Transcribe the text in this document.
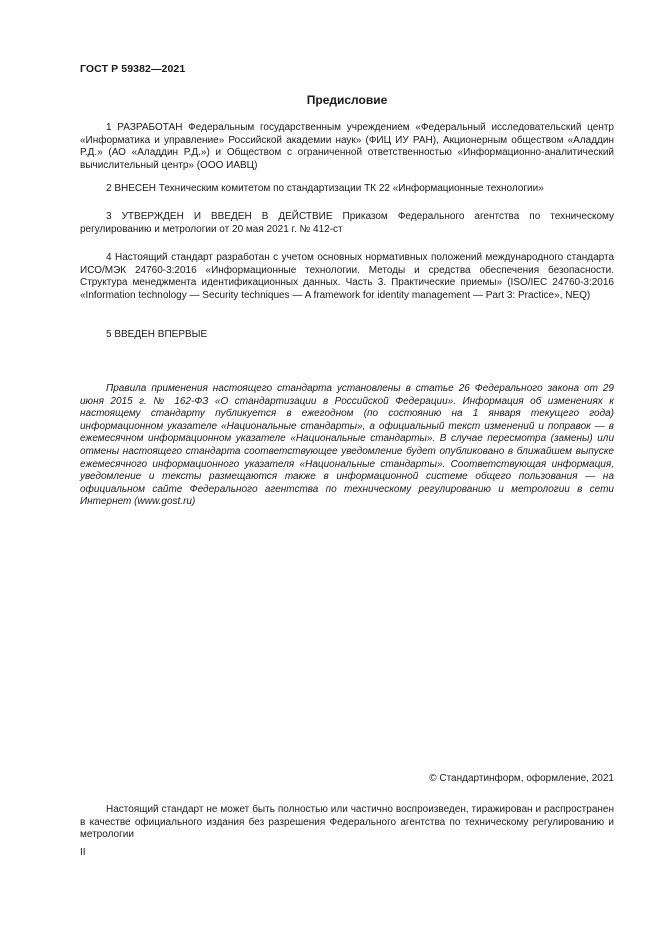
ГОСТ Р 59382—2021
Предисловие

1 РАЗРАБОТАН Федеральным государственным учреждением «Федеральный исследовательский центр «Информатика и управление» Российской академии наук» (ФИЦ ИУ РАН), Акционерным обществом «Аладдин Р.Д.» (АО «Аладдин Р.Д.») и Обществом с ограниченной ответственностью «Информационно-аналитический вычислительный центр» (ООО ИАВЦ)

2 ВНЕСЕН Техническим комитетом по стандартизации ТК 22 «Информационные технологии»

3 УТВЕРЖДЕН И ВВЕДЕН В ДЕЙСТВИЕ Приказом Федерального агентства по техническому регулированию и метрологии от 20 мая 2021 г. № 412-ст

4 Настоящий стандарт разработан с учетом основных нормативных положений международного стандарта ИСО/МЭК 24760-3:2016 «Информационные технологии. Методы и средства обеспечения безопасности. Структура менеджмента идентификационных данных. Часть 3. Практические приемы» (ISO/IEC 24760-3:2016 «Information technology — Security techniques — A framework for identity management — Part 3: Practice», NEQ)

5 ВВЕДЕН ВПЕРВЫЕ

Правила применения настоящего стандарта установлены в статье 26 Федерального закона от 29 июня 2015 г. № 162-ФЗ «О стандартизации в Российской Федерации». Информация об изменениях к настоящему стандарту публикуется в ежегодном (по состоянию на 1 января текущего года) информационном указателе «Национальные стандарты», а официальный текст изменений и поправок — в ежемесячном информационном указателе «Национальные стандарты». В случае пересмотра (замены) или отмены настоящего стандарта соответствующее уведомление будет опубликовано в ближайшем выпуске ежемесячного информационного указателя «Национальные стандарты». Соответствующая информация, уведомление и тексты размещаются также в информационной системе общего пользования — на официальном сайте Федерального агентства по техническому регулированию и метрологии в сети Интернет (www.gost.ru)

© Стандартинформ, оформление, 2021

Настоящий стандарт не может быть полностью или частично воспроизведен, тиражирован и распространен в качестве официального издания без разрешения Федерального агентства по техническому регулированию и метрологии

II
